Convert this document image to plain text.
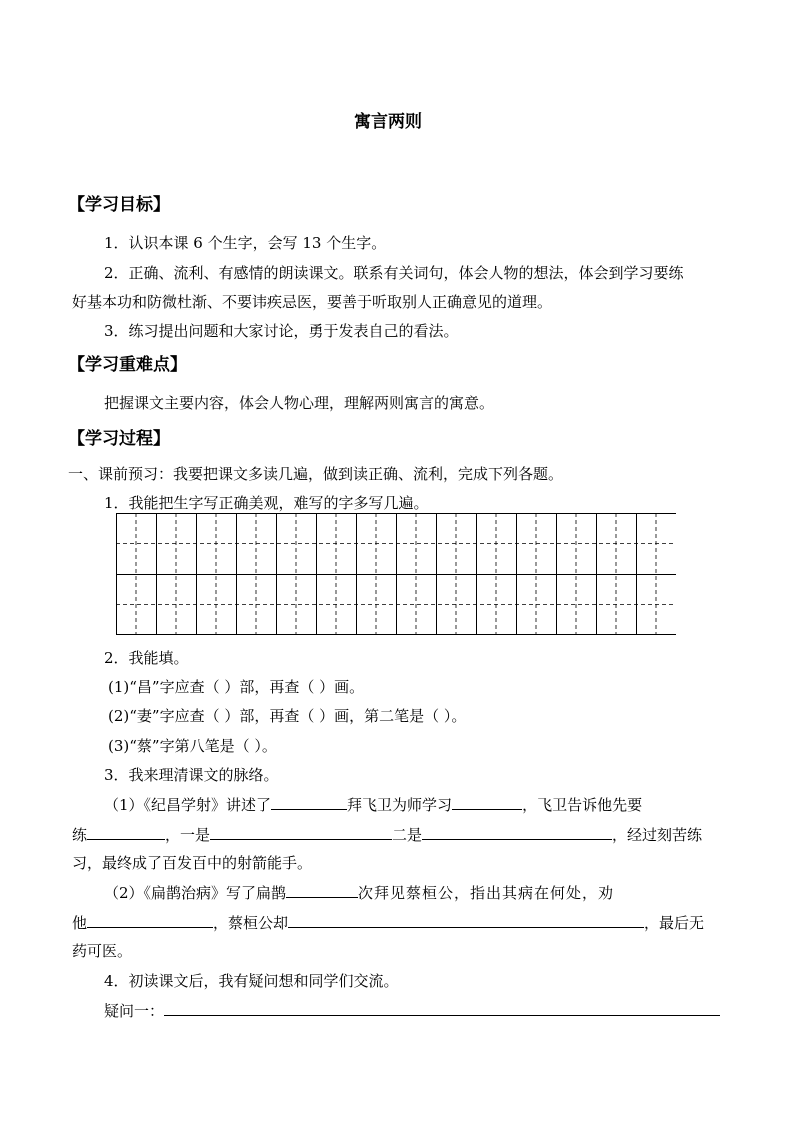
寓言两则
【学习目标】
1．认识本课 6 个生字，会写 13 个生字。
2．正确、流利、有感情的朗读课文。联系有关词句，体会人物的想法，体会到学习要练
好基本功和防微杜渐、不要讳疾忌医，要善于听取别人正确意见的道理。
3．练习提出问题和大家讨论，勇于发表自己的看法。
【学习重难点】
把握课文主要内容，体会人物心理，理解两则寓言的寓意。
【学习过程】
一、课前预习：我要把课文多读几遍，做到读正确、流利，完成下列各题。
1．我能把生字写正确美观，难写的字多写几遍。
2．我能填。
(1)“昌”字应查（ ）部，再查（ ）画。
(2)“妻”字应查（ ）部，再查（ ）画，第二笔是（ ）。
(3)“蔡”字第八笔是（ ）。
3．我来理清课文的脉络。
（1）《纪昌学射》讲述了	拜飞卫为师学习	，飞卫告诉他先要
练	，一是	二是	，经过刻苦练
习，最终成了百发百中的射箭能手。
（2）《扁鹊治病》写了扁鹊	次拜见蔡桓公，指出其病在何处，劝
他	，蔡桓公却	，最后无
药可医。
4．初读课文后，我有疑问想和同学们交流。
疑问一：
